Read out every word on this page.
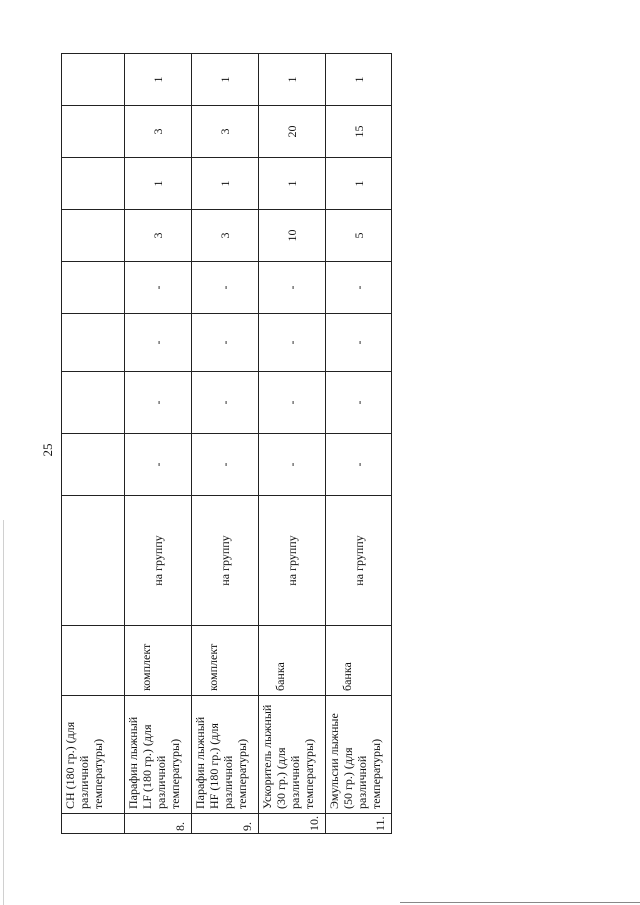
25
	CH (180 гр.) (для различной температуры)										
8.	Парафин лыжный LF (180 гр.) (для различной температуры)	комплект	на группу	-	-	-	-	3	1	3	1
9.	Парафин лыжный HF (180 гр.) (для различной температуры)	комплект	на группу	-	-	-	-	3	1	3	1
10.	Ускоритель лыжный (30 гр.) (для различной температуры)	банка	на группу	-	-	-	-	10	1	20	1
11.	Эмульсии лыжные (50 гр.) (для различной температуры)	банка	на группу	-	-	-	-	5	1	15	1
